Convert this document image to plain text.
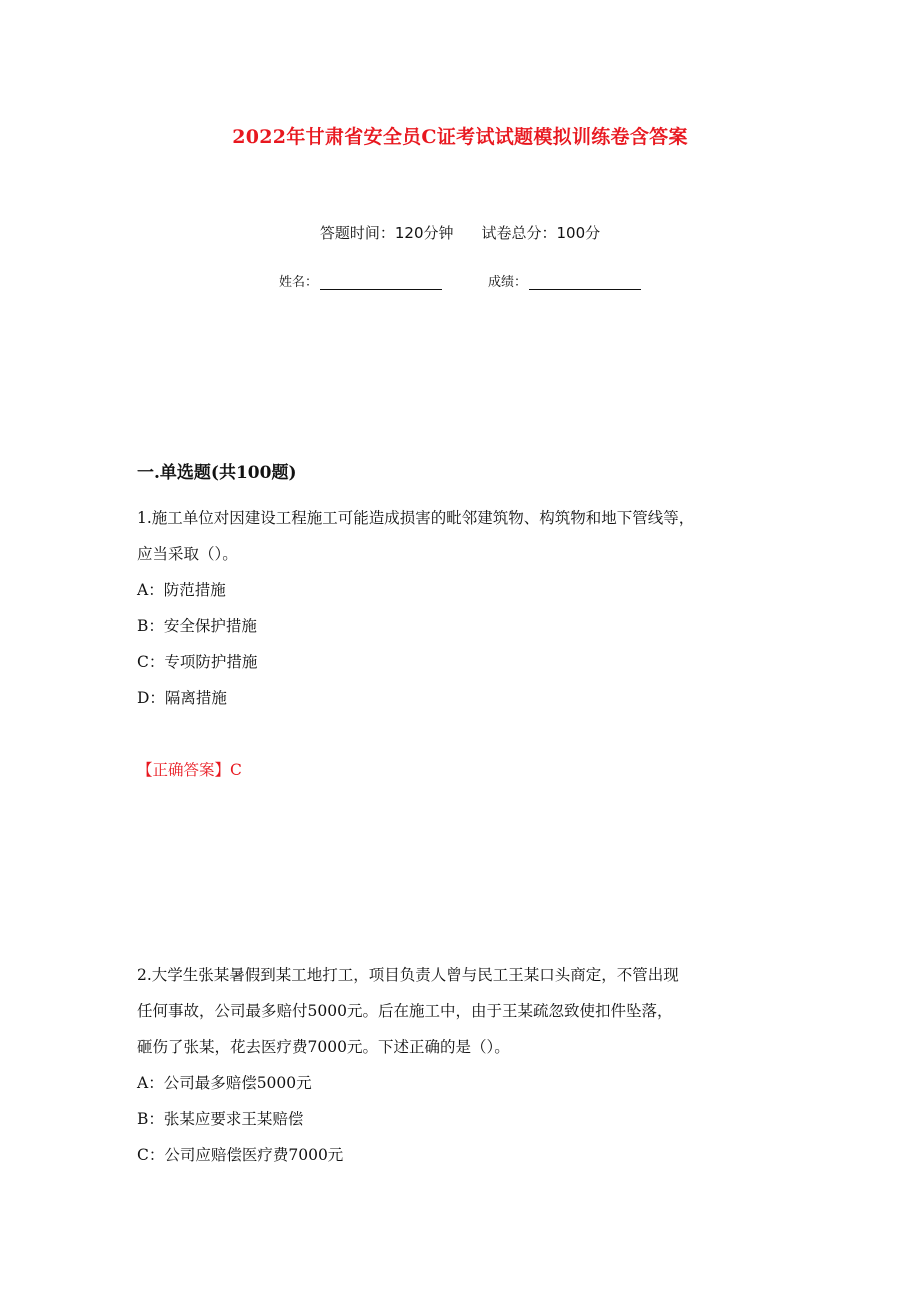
2022年甘肃省安全员C证考试试题模拟训练卷含答案
答题时间：120分钟 试卷总分：100分
姓名：	成绩：
一.单选题(共100题)
1.施工单位对因建设工程施工可能造成损害的毗邻建筑物、构筑物和地下管线等，
应当采取（）。
A：防范措施
B：安全保护措施
C：专项防护措施
D：隔离措施
【正确答案】C
2.大学生张某暑假到某工地打工，项目负责人曾与民工王某口头商定，不管出现
任何事故，公司最多赔付5000元。后在施工中，由于王某疏忽致使扣件坠落，
砸伤了张某，花去医疗费7000元。下述正确的是（）。
A：公司最多赔偿5000元
B：张某应要求王某赔偿
C：公司应赔偿医疗费7000元
